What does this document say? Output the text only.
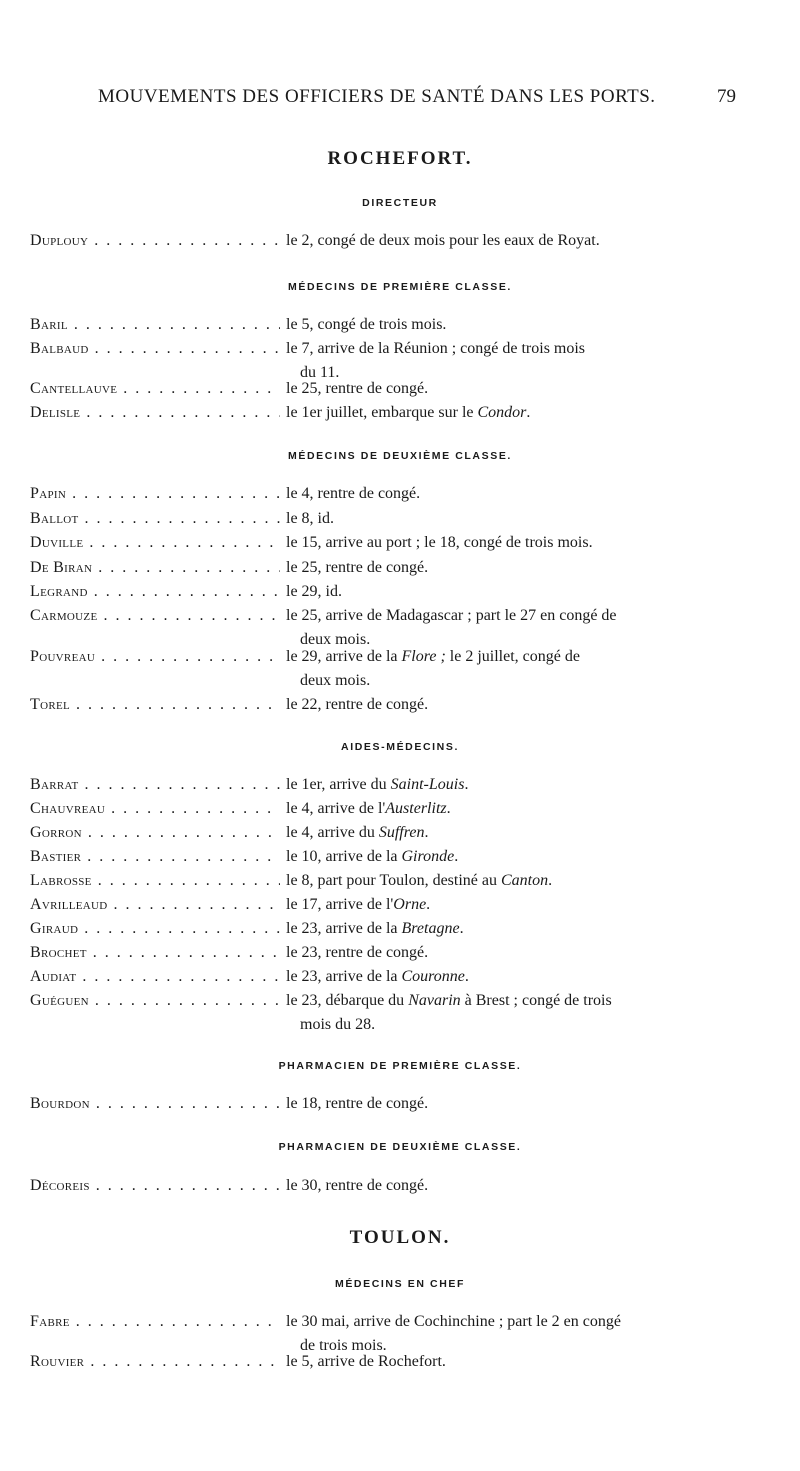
MOUVEMENTS DES OFFICIERS DE SANTÉ DANS LES PORTS.	79
ROCHEFORT.
DIRECTEUR
Duplouy . . .	le 2, congé de deux mois pour les eaux de Royat.
MÉDECINS DE PREMIÈRE CLASSE.
Baril . . .	le 5, congé de trois mois.
Balbaud . . .	le 7, arrive de la Réunion ; congé de trois mois
du 11.
Cantellauve . . .	le 25, rentre de congé.
Delisle . . .	le 1er juillet, embarque sur le Condor.
MÉDECINS DE DEUXIÈME CLASSE.
Papin . . .	le 4, rentre de congé.
Ballot . . .	le 8, id.
Duville . . .	le 15, arrive au port ; le 18, congé de trois mois.
De Biran . . .	le 25, rentre de congé.
Legrand . . .	le 29, id.
Carmouze . . .	le 25, arrive de Madagascar ; part le 27 en congé de
deux mois.
Pouvreau . . .	le 29, arrive de la Flore ; le 2 juillet, congé de
deux mois.
Torel . . .	le 22, rentre de congé.
AIDES-MÉDECINS.
Barrat . . .	le 1er, arrive du Saint-Louis.
Chauvreau . . .	le 4, arrive de l'Austerlitz.
Gorron . . .	le 4, arrive du Suffren.
Bastier . . .	le 10, arrive de la Gironde.
Labrosse . . .	le 8, part pour Toulon, destiné au Canton.
Avrilleaud . . .	le 17, arrive de l'Orne.
Giraud . . .	le 23, arrive de la Bretagne.
Brochet . . .	le 23, rentre de congé.
Audiat . . .	le 23, arrive de la Couronne.
Guéguen . . .	le 23, débarque du Navarin à Brest ; congé de trois
mois du 28.
PHARMACIEN DE PREMIÈRE CLASSE.
Bourdon . . .	le 18, rentre de congé.
PHARMACIEN DE DEUXIÈME CLASSE.
Décoreis . . .	le 30, rentre de congé.
TOULON.
MÉDECINS EN CHEF
Fabre . . .	le 30 mai, arrive de Cochinchine ; part le 2 en congé
de trois mois.
Rouvier . . .	le 5, arrive de Rochefort.
